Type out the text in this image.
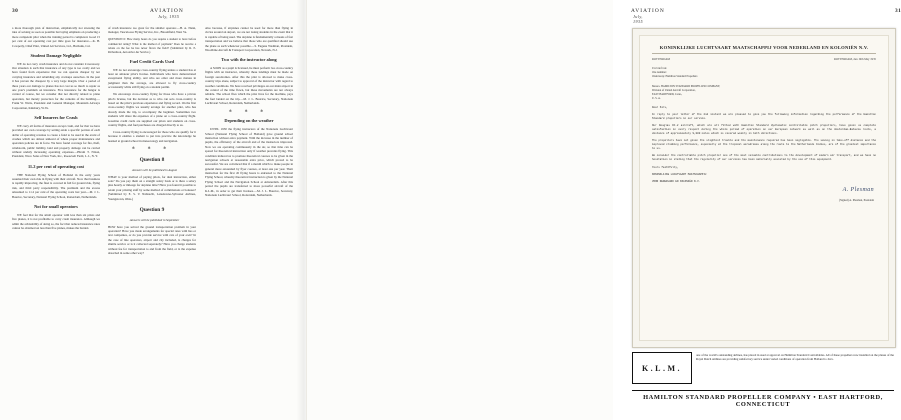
30	AVIATION
July, 1935

a more thorough plan of instruction, emphatically not stressing the idea of soloing as soon as possible but laying emphasis on producing a more competent pilot when the training period is completed. Good 15 per cent of our operating cost per mile goes for insurance.—K. H. Cowperly, Chief Pilot, United Air Services, Ltd., Burbank, Cal.

Student Damage Negligible

WE do not carry crash insurance and do not consider it necessary. Our situation is such that insurance of any type is too costly and we have found from experience that we can operate cheaper by not carrying insurance and rebuilding any crackups ourselves. In the past it has proven the cheapest by a very large margin. Over a period of three years our damage to planes has not cost us so much to repair as one year's premium on insurance. Five insurance for the hangar is carried of course, but we consider that not directly related to plane operation, but merely protection for the contents of the building.—Frank W. Watts, President and General Manager, Mountain Airways Corporation, Kinsbury, W.Va.

Self Insurers for Crash

WE carry all forms of insurance except crash, and for that we have provided our own coverage by setting aside a specific portion of each dollar of operating revenue to create a fund to be used in the event of crashes which are almost unheard of where proper maintenance and operation policies are in force. We have found coverage for fire, theft, windstorm, public liability, land and property damage can be carried without unduly increasing operating expenses.—Hiram T. Nixon, President, Waco Sales of New York, Inc., Roosevelt Field, L. I., N. Y.

11.2 per cent of operating cost

THE National Flying School of Holland in the early years assumed their own risk in flying with their aircraft. Now that business is rapidly improving, the fleet is covered in full for ground risk, flying risk, and third party responsibility. The premium and the excess amounted to 11.2 per cent of the operating costs last year.—M. J. L. Bourice, Secretary, National Flying School, Rotterdam, Netherlands.

Not for small operators

WE feel that for the small operator with less than six pilots and five planes, it is not profitable to carry crash insurance. Although we admit the advisability of doing so, the fact that reduced insurance rates cannot be obtained on less than five planes, makes the burden

of crash insurance too great for the smaller operator.—H. A. Nunn, manager, Tuscaloosa Flying Service, Inc., Bloomfield, West Va.

QUESTION 6: How many hours do you require a student to have before commercial rating? What is the method of payment? Does he receive a rebate on the fee he has never flown the field? (Submitted by R. E. Richardson, Ann Arbor Air Service.)

Fuel Credit Cards Used

WE do not encourage cross-country flying unless a student has at least an amateur pilot's license. Individuals who have demonstrated exceptional flying ability, and who are older and more mature in judgment than the average, are allowed to fly cross-country occasionally while still flying on a student permit.

We encourage cross-country flying for those who have a private pilot's license, but the decision as to who can solo cross-country is based on the pilot's previous experience and flying record. On the first cross-country flights we usually arrange for another pilot, who has already made the trip, to accompany the beginner. Sometimes two students will share the expenses of a plane on a cross-country flight. Gasoline credit cards are supplied our pilots and students on cross-country flights, and fuel purchases are charged directly to us.

Cross-country flying is encouraged for those who are qualify for it because it enables a student to put into practice the knowledge he learned at ground school in meteorology and navigation.

✻ ✻ ✻
Question 8

Answers will be published in August

WHAT is your method of paying pilots, for dual instruction, either solo? Do you pay them on a straight salary basis or is there a salary plus hourly or mileage for airplane time? Have you found it possible to retain your piloting staff by some method of commissions or bonuses? (Submitted by E. S. V. Nabnacht, Lansdowne-Sylvester Airlines, Youngstown, Ohio.)

Question 9

Answers will be published in September

HOW have you solved the ground transportation problem in your operation? Have you made arrangements for special rates with bus or taxi companies, or do you provide service with cars of your own? In the case of line operators, airport and city included, is charges for shuttle service or is it collected separately? Have you charge students without fee for transportation to and from the field, or is the expense absorbed in some other way?

Also because, if airplanes cannot be used for more than flying in circles around an airport, we are not losing students in the event that it is capable of being used. The airplane is fundamentally a means of fast transportation and we believe that those who are qualified should use the plane as such whenever possible.—S. Eugene Wadman, President, Woodbine Aircraft & Transport Corporation, Newark, N.J.

Two with the instructor along

A SOON as a pupil is licensed, he must perform two cross-country flights with an instructor, whereby these landings must be made on foreign aerodromes. After this the pilot is allowed to make cross-country trips alone, subject to approval of the instructor with regard to weather conditions. We have received privileges on our main airport in the control of the time flown, but these movements are not always reliable. The school flies which the pilot lives for the machine, pays the fuel landed on the trip.—M. J. L. Bourice, Secretary, Nationale Luchtvaart School, Rotterdam, Netherlands.

✻ ✻ ✻
Depending on the weather

UNTIL 1930 the flying instructors of the Nationale Luchtvaart School (National Flying School of Holland) gave ground school instruction without extra payment. With the increase in the number of pupils, the efficiency of the aircraft and of the instructors improved. Now we are operating continuously in the air, so that time can be spared for theoretical instruction only if weather prevents flying. This condition induced us to promote theoretical courses to be given in the navigation schools at reasonable extra price, which proved to be successful. We are convinced that if a month which to make people in general more astounded by flyer courses, at least one per year. Their instruction for the first 45 flying hours is entrusted to the National Flying School, whereby theoretical instruction is given by the National Flying School and the Navigation School at Amsterdam. After this period the pupils are transferred to more powerful aircraft of the K.L.M., in order to get their licenses.—M. J. L. Bourice, Secretary, Nationale Luchtvaart School, Rotterdam, Netherlands.

AVIATION
July, 1935
31
KONINKLIJKE LUCHTVAART MAATSCHAPPIJ VOOR NEDERLAND EN KOLONIËN N.V.
ROTTERDAM	ROTTERDAM, den 19th May 1935
Uw brief van:
Ons nummer:
Onderwerp: Hamilton Standard Propellers
Messrs. HAMILTON STANDARD PROPELLER COMPANY,
Division of United Aircraft Corporation,
EAST HARTFORD, Conn.,
U. S. A.

Dear Sirs,

In reply to your letter of the 2nd instant we are pleased to give you the following information regarding the performance of the Hamilton Standard propellers in our service.

Our Douglas DC-2 aircraft, which are all fitted with Hamilton Standard Hydromatic controllable pitch propellers, have given us complete satisfaction in every respect during the whole period of operation on our European network as well as on the Amsterdam-Batavia route, a distance of approximately 9,000 miles which is covered weekly in both directions.

The propellers have not given the slightest trouble and the maintenance required has been negligible. The saving in take-off distance and the improved climbing performance, especially at the tropical aerodromes along the route to the Netherlands Indies, are of the greatest importance to us.

We consider the controllable pitch propeller one of the most valuable contributions to the development of modern air transport, and we have no hesitation in stating that the regularity of our services has been materially assisted by the use of this equipment.

Yours faithfully,

KONINKLIJKE LUCHTVAART MAATSCHAPPIJ

VOOR NEDERLAND EN KOLONIËN N.V.

A. Plesman
(Signed) A. Plesman, President
K.L.M.
one of the world's outstanding airlines, has placed in used at approval on Hamilton Standard Controllables. All of these propellers now installed on the planes of the Royal Dutch Airlines are providing satisfactory service under varied conditions of operation from Holland to Java.
HAMILTON STANDARD PROPELLER COMPANY • EAST HARTFORD, CONNECTICUT
